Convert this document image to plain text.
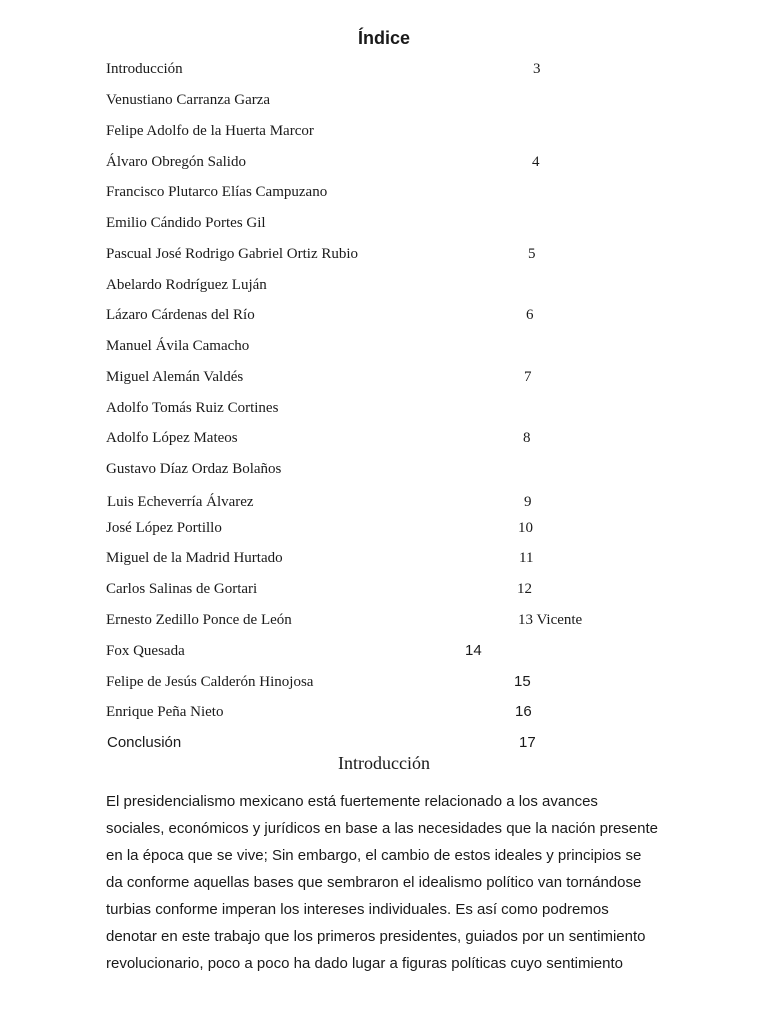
Índice
Introducción	3
Venustiano Carranza Garza
Felipe Adolfo de la Huerta Marcor
Álvaro Obregón Salido	4
Francisco Plutarco Elías Campuzano
Emilio Cándido Portes Gil
Pascual José Rodrigo Gabriel Ortiz Rubio	5
Abelardo Rodríguez Luján
Lázaro Cárdenas del Río	6
Manuel Ávila Camacho
Miguel Alemán Valdés	7
Adolfo Tomás Ruiz Cortines
Adolfo López Mateos	8
Gustavo Díaz Ordaz Bolaños
Luis Echeverría Álvarez	9
José López Portillo	10
Miguel de la Madrid Hurtado	11
Carlos Salinas de Gortari	12
Ernesto Zedillo Ponce de León	13 Vicente
Fox Quesada	14
Felipe de Jesús Calderón Hinojosa	15
Enrique Peña Nieto	16
Conclusión	17
Introducción
El presidencialismo mexicano está fuertemente relacionado a los avances
sociales, económicos y jurídicos en base a las necesidades que la nación presente
en la época que se vive; Sin embargo, el cambio de estos ideales y principios se
da conforme aquellas bases que sembraron el idealismo político van tornándose
turbias conforme imperan los intereses individuales. Es así como podremos
denotar en este trabajo que los primeros presidentes, guiados por un sentimiento
revolucionario, poco a poco ha dado lugar a figuras políticas cuyo sentimiento
